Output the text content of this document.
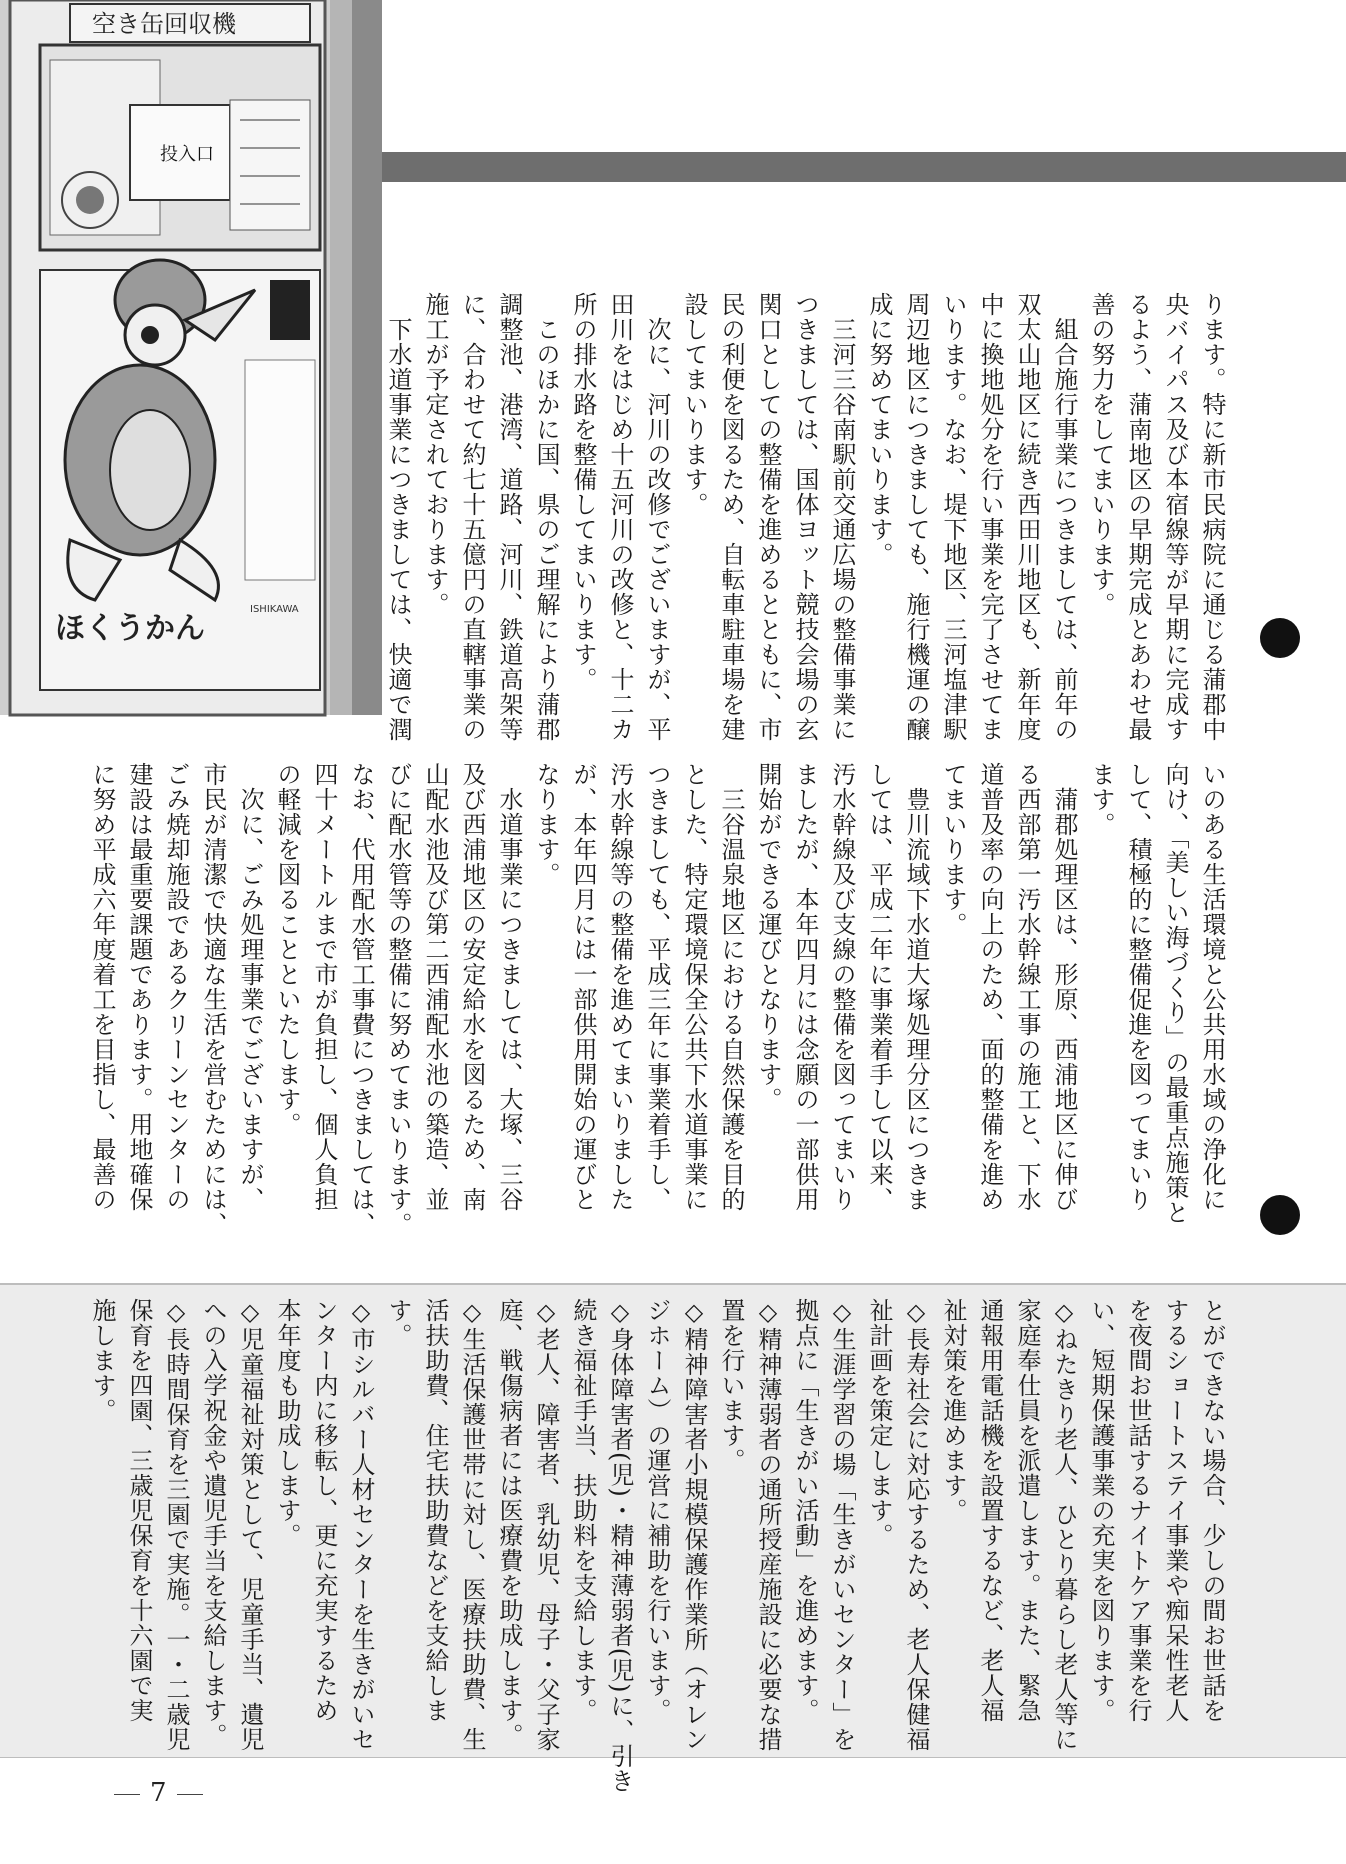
空き缶回収機
投入口
ほくうかん
ISHIKAWA	ります。特に新市民病院に通じる蒲郡中
央バイパス及び本宿線等が早期に完成す
るよう、蒲南地区の早期完成とあわせ最
善の努力をしてまいります。
　組合施行事業につきましては、前年の
双太山地区に続き西田川地区も、新年度
中に換地処分を行い事業を完了させてま
いります。なお、堤下地区、三河塩津駅
周辺地区につきましても、施行機運の醸
成に努めてまいります。
　三河三谷南駅前交通広場の整備事業に
つきましては、国体ヨット競技会場の玄
関口としての整備を進めるとともに、市
民の利便を図るため、自転車駐車場を建
設してまいります。
　次に、河川の改修でございますが、平
田川をはじめ十五河川の改修と、十二カ
所の排水路を整備してまいります。
　このほかに国、県のご理解により蒲郡
調整池、港湾、道路、河川、鉄道高架等
に、合わせて約七十五億円の直轄事業の
施工が予定されております。
　下水道事業につきましては、快適で潤
いのある生活環境と公共用水域の浄化に
向け、「美しい海づくり」の最重点施策と
して、積極的に整備促進を図ってまいり
ます。
　蒲郡処理区は、形原、西浦地区に伸び
る西部第一汚水幹線工事の施工と、下水
道普及率の向上のため、面的整備を進め
てまいります。
　豊川流域下水道大塚処理分区につきま
しては、平成二年に事業着手して以来、
汚水幹線及び支線の整備を図ってまいり
ましたが、本年四月には念願の一部供用
開始ができる運びとなります。
　三谷温泉地区における自然保護を目的
とした、特定環境保全公共下水道事業に
つきましても、平成三年に事業着手し、
汚水幹線等の整備を進めてまいりました
が、本年四月には一部供用開始の運びと
なります。
　水道事業につきましては、大塚、三谷
及び西浦地区の安定給水を図るため、南
山配水池及び第二西浦配水池の築造、並
びに配水管等の整備に努めてまいります。
なお、代用配水管工事費につきましては、
四十メートルまで市が負担し、個人負担
の軽減を図ることといたします。
　次に、ごみ処理事業でございますが、
市民が清潔で快適な生活を営むためには、
ごみ焼却施設であるクリーンセンターの
建設は最重要課題であります。用地確保
に努め平成六年度着工を目指し、最善の
とができない場合、少しの間お世話を
するショートステイ事業や痴呆性老人
を夜間お世話するナイトケア事業を行
い、短期保護事業の充実を図ります。
◇ねたきり老人、ひとり暮らし老人等に
家庭奉仕員を派遣します。また、緊急
通報用電話機を設置するなど、老人福
祉対策を進めます。
◇長寿社会に対応するため、老人保健福
祉計画を策定します。
◇生涯学習の場「生きがいセンター」を
拠点に「生きがい活動」を進めます。
◇精神薄弱者の通所授産施設に必要な措
置を行います。
◇精神障害者小規模保護作業所（オレン
ジホーム）の運営に補助を行います。
◇身体障害者(児)・精神薄弱者(児)に、引き
続き福祉手当、扶助料を支給します。
◇老人、障害者、乳幼児、母子・父子家
庭、戦傷病者には医療費を助成します。
◇生活保護世帯に対し、医療扶助費、生
活扶助費、住宅扶助費などを支給しま
す。
◇市シルバー人材センターを生きがいセ
ンター内に移転し、更に充実するため
本年度も助成します。
◇児童福祉対策として、児童手当、遺児
への入学祝金や遺児手当を支給します。
◇長時間保育を三園で実施。一・二歳児
保育を四園、三歳児保育を十六園で実
施します。
7
